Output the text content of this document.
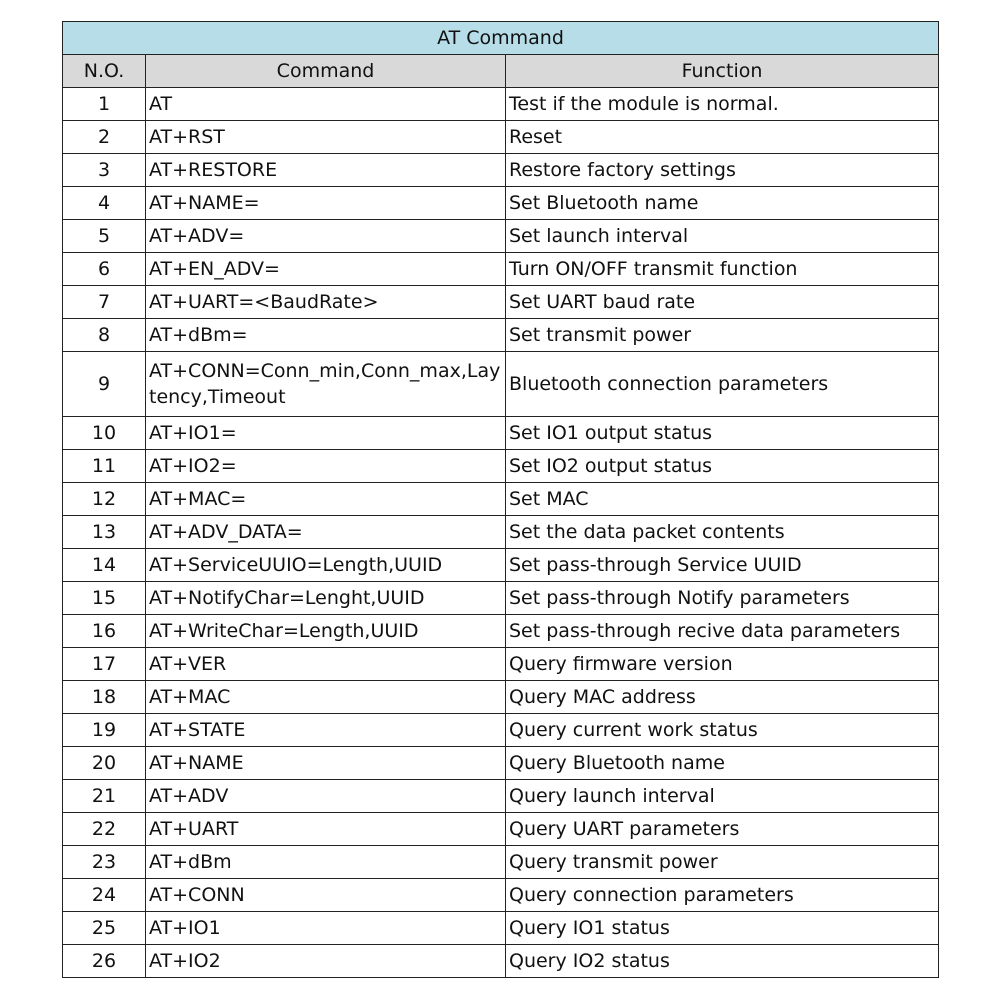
AT Command		
N.O.	Command	Function
1	AT	Test if the module is normal.
2	AT+RST	Reset
3	AT+RESTORE	Restore factory settings
4	AT+NAME=	Set Bluetooth name
5	AT+ADV=	Set launch interval
6	AT+EN_ADV=	Turn ON/OFF transmit function
7	AT+UART=<BaudRate>	Set UART baud rate
8	AT+dBm=	Set transmit power
9	AT+CONN=Conn_min,Conn_max,Laytency,Timeout	Bluetooth connection parameters
10	AT+IO1=	Set IO1 output status
11	AT+IO2=	Set IO2 output status
12	AT+MAC=	Set MAC
13	AT+ADV_DATA=	Set the data packet contents
14	AT+ServiceUUIO=Length,UUID	Set pass-through Service UUID
15	AT+NotifyChar=Lenght,UUID	Set pass-through Notify parameters
16	AT+WriteChar=Length,UUID	Set pass-through recive data parameters
17	AT+VER	Query firmware version
18	AT+MAC	Query MAC address
19	AT+STATE	Query current work status
20	AT+NAME	Query Bluetooth name
21	AT+ADV	Query launch interval
22	AT+UART	Query UART parameters
23	AT+dBm	Query transmit power
24	AT+CONN	Query connection parameters
25	AT+IO1	Query IO1 status
26	AT+IO2	Query IO2 status
